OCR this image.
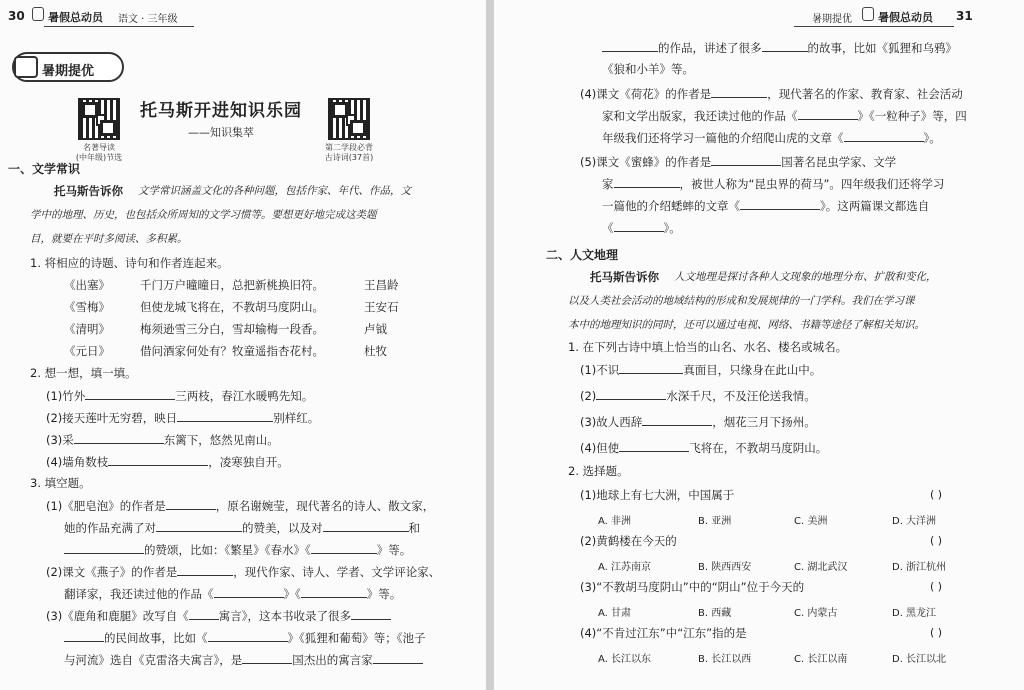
30 暑假总动员 语文 · 三年级
暑期提优
名著导读
(中年级)节选
第二学段必背
古诗词(37首)
托马斯开进知识乐园
——知识集萃
一、文学常识
托马斯告诉你 文学常识涵盖文化的各种问题，包括作家、年代、作品，文
学中的地理、历史，也包括众所周知的文学习惯等。要想更好地完成这类题
目，就要在平时多阅读、多积累。
1. 将相应的诗题、诗句和作者连起来。
《出塞》	千门万户曈曈日，总把新桃换旧符。	王昌龄
《雪梅》	但使龙城飞将在，不教胡马度阴山。	王安石
《清明》	梅须逊雪三分白，雪却输梅一段香。	卢钺
《元日》	借问酒家何处有？牧童遥指杏花村。	杜牧
2. 想一想，填一填。
(1)竹外	三两枝，春江水暖鸭先知。
(2)接天莲叶无穷碧，映日	别样红。
(3)采	东篱下，悠然见南山。
(4)墙角数枝	，凌寒独自开。
3. 填空题。
(1)《肥皂泡》的作者是	，原名谢婉莹，现代著名的诗人、散文家，
她的作品充满了对	的赞美，以及对	和
的赞颂，比如：《繁星》《春水》《	》等。
(2)课文《燕子》的作者是	，现代作家、诗人、学者、文学评论家、
翻译家，我还读过他的作品《	》《	》等。
(3)《鹿角和鹿腿》改写自《	寓言》，这本书收录了很多
的民间故事，比如《	》《狐狸和葡萄》等；《池子
与河流》选自《克雷洛夫寓言》，是	国杰出的寓言家
暑期提优 暑假总动员 31
的作品，讲述了很多	的故事，比如《狐狸和乌鸦》
《狼和小羊》等。
(4)课文《荷花》的作者是	，现代著名的作家、教育家、社会活动
家和文学出版家，我还读过他的作品《	》《一粒种子》等，四
年级我们还将学习一篇他的介绍爬山虎的文章《	》。
(5)课文《蜜蜂》的作者是	国著名昆虫学家、文学
家	，被世人称为“昆虫界的荷马”。四年级我们还将学习
一篇他的介绍蟋蟀的文章《	》。这两篇课文都选自
《	》。
二、人文地理
托马斯告诉你 人文地理是探讨各种人文现象的地理分布、扩散和变化，
以及人类社会活动的地域结构的形成和发展规律的一门学科。我们在学习课
本中的地理知识的同时，还可以通过电视、网络、书籍等途径了解相关知识。
1. 在下列古诗中填上恰当的山名、水名、楼名或城名。
(1)不识	真面目，只缘身在此山中。
(2)	水深千尺，不及汪伦送我情。
(3)故人西辞	，烟花三月下扬州。
(4)但使	飞将在，不教胡马度阴山。
2. 选择题。
(1)地球上有七大洲，中国属于	( )
A. 非洲	B. 亚洲	C. 美洲	D. 大洋洲
(2)黄鹤楼在今天的	( )
A. 江苏南京	B. 陕西西安	C. 湖北武汉	D. 浙江杭州
(3)“不教胡马度阴山”中的“阴山”位于今天的	( )
A. 甘肃	B. 西藏	C. 内蒙古	D. 黑龙江
(4)“不肯过江东”中“江东”指的是	( )
A. 长江以东	B. 长江以西	C. 长江以南	D. 长江以北
